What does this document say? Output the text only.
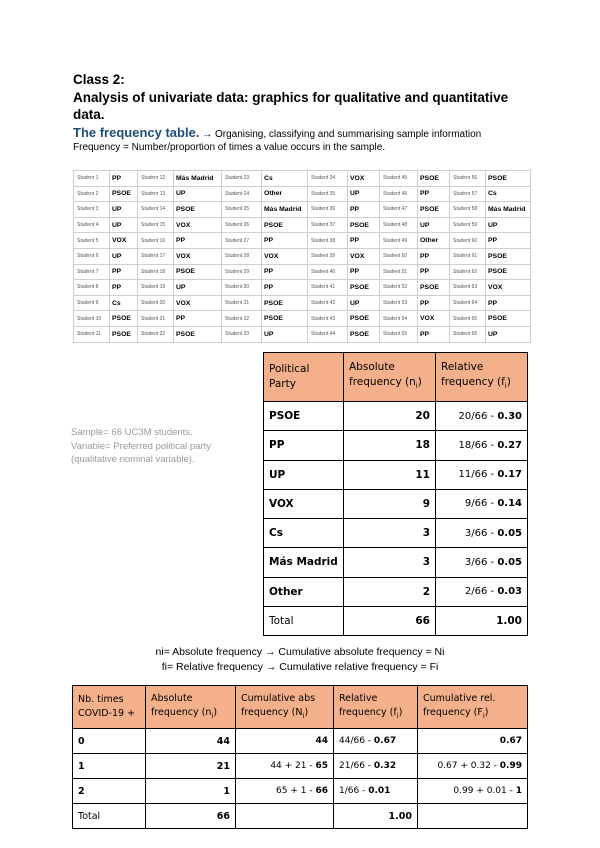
Class 2:
Analysis of univariate data: graphics for qualitative and quantitative data.
The frequency table. → Organising, classifying and summarising sample information
Frequency = Number/proportion of times a value occurs in the sample.
Student 1	PP	Student 12	Más Madrid	Student 23	Cs	Student 34	VOX	Student 45	PSOE	Student 56	PSOE
Student 2	PSOE	Student 13	UP	Student 24	Other	Student 35	UP	Student 46	PP	Student 57	Cs
Student 3	UP	Student 14	PSOE	Student 25	Más Madrid	Student 36	PP	Student 47	PSOE	Student 58	Más Madrid
Student 4	UP	Student 15	VOX	Student 26	PSOE	Student 37	PSOE	Student 48	UP	Student 59	UP
Student 5	VOX	Student 16	PP	Student 27	PP	Student 38	PP	Student 49	Other	Student 60	PP
Student 6	UP	Student 17	VOX	Student 28	VOX	Student 39	VOX	Student 50	PP	Student 61	PSOE
Student 7	PP	Student 18	PSOE	Student 29	PP	Student 40	PP	Student 51	PP	Student 62	PSOE
Student 8	PP	Student 19	UP	Student 30	PP	Student 41	PSOE	Student 52	PSOE	Student 63	VOX
Student 9	Cs	Student 20	VOX	Student 31	PSOE	Student 42	UP	Student 53	PP	Student 64	PP
Student 10	PSOE	Student 21	PP	Student 32	PSOE	Student 43	PSOE	Student 54	VOX	Student 65	PSOE
Student 11	PSOE	Student 22	PSOE	Student 33	UP	Student 44	PSOE	Student 55	PP	Student 66	UP
Sample= 66 UC3M students.
Variable= Preferred political party
(qualitative nominal variable).
Political Party	Absolute frequency $(n_i)$	Relative frequency $(f_i)$
PSOE	20	20/66 - 0.30
PP	18	18/66 - 0.27
UP	11	11/66 - 0.17
VOX	9	9/66 - 0.14
Cs	3	3/66 - 0.05
Más Madrid	3	3/66 - 0.05
Other	2	2/66 - 0.03
Total	66	1.00
ni= Absolute frequency → Cumulative absolute frequency = Ni
fi= Relative frequency → Cumulative relative frequency = Fi
Nb. times COVID-19 +	Absolute frequency $(n_i)$	Cumulative abs frequency $(N_i)$	Relative frequency $(f_i)$	Cumulative rel. frequency $(F_i)$
0	44	44	44/66 - 0.67	0.67
1	21	44 + 21 - 65	21/66 - 0.32	0.67 + 0.32 - 0.99
2	1	65 + 1 - 66	1/66 - 0.01	0.99 + 0.01 - 1
Total	66		1.00	
